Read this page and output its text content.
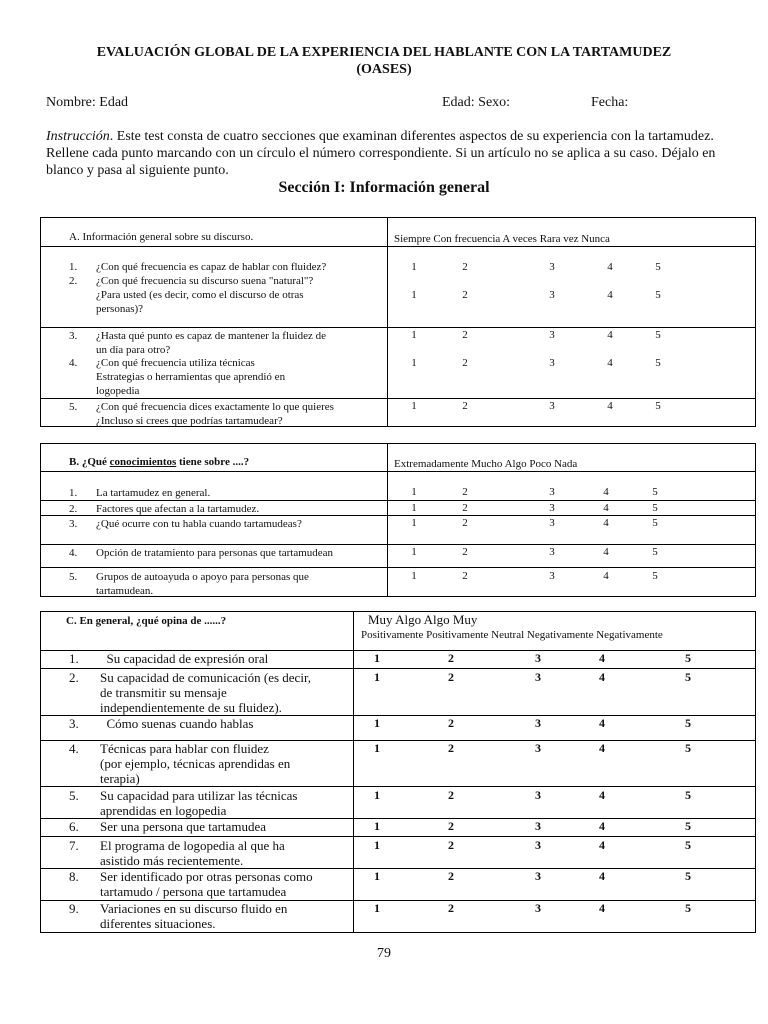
EVALUACIÓN GLOBAL DE LA EXPERIENCIA DEL HABLANTE CON LA TARTAMUDEZ
(OASES)
Nombre: Edad	Edad: Sexo:	Fecha:
Instrucción. Este test consta de cuatro secciones que examinan diferentes aspectos de su experiencia con la tartamudez. Rellene cada punto marcando con un círculo el número correspondiente. Si un artículo no se aplica a su caso. Déjalo en blanco y pasa al siguiente punto.
Sección I: Información general
A. Información general sobre su discurso.	Siempre Con frecuencia A veces Rara vez Nunca
1. ¿Con qué frecuencia es capaz de hablar con fluidez?	1	2	3	4	5
2. ¿Con qué frecuencia su discurso suena "natural"?
¿Para usted (es decir, como el discurso de otras
personas)?
1	2	3	4	5
3. ¿Hasta qué punto es capaz de mantener la fluidez de
un día para otro?
1	2	3	4	5
4. ¿Con qué frecuencia utiliza técnicas
Estrategias o herramientas que aprendió en
logopedia
1	2	3	4	5
5. ¿Con qué frecuencia dices exactamente lo que quieres
¿Incluso si crees que podrías tartamudear?
1	2	3	4	5
B. ¿Qué conocimientos tiene sobre ....?	Extremadamente Mucho Algo Poco Nada
1. La tartamudez en general.	1	2	3	4	5
2. Factores que afectan a la tartamudez.	1	2	3	4	5
3. ¿Qué ocurre con tu habla cuando tartamudeas?	1	2	3	4	5
4. Opción de tratamiento para personas que tartamudean	1	2	3	4	5
5. Grupos de autoayuda o apoyo para personas que
tartamudean.
1	2	3	4	5
C. En general, ¿qué opina de ......?	Muy Algo Algo Muy
Positivamente Positivamente Neutral Negativamente Negativamente
1. Su capacidad de expresión oral	1	2	3	4	5
2. Su capacidad de comunicación (es decir,
de transmitir su mensaje
independientemente de su fluidez).
1	2	3	4	5
3. Cómo suenas cuando hablas	1	2	3	4	5
4. Técnicas para hablar con fluidez
(por ejemplo, técnicas aprendidas en
terapia)
1	2	3	4	5
5. Su capacidad para utilizar las técnicas
aprendidas en logopedia
1	2	3	4	5
6. Ser una persona que tartamudea	1	2	3	4	5
7. El programa de logopedia al que ha
asistido más recientemente.
1	2	3	4	5
8. Ser identificado por otras personas como
tartamudo / persona que tartamudea
1	2	3	4	5
9. Variaciones en su discurso fluido en
diferentes situaciones.
1	2	3	4	5
79
